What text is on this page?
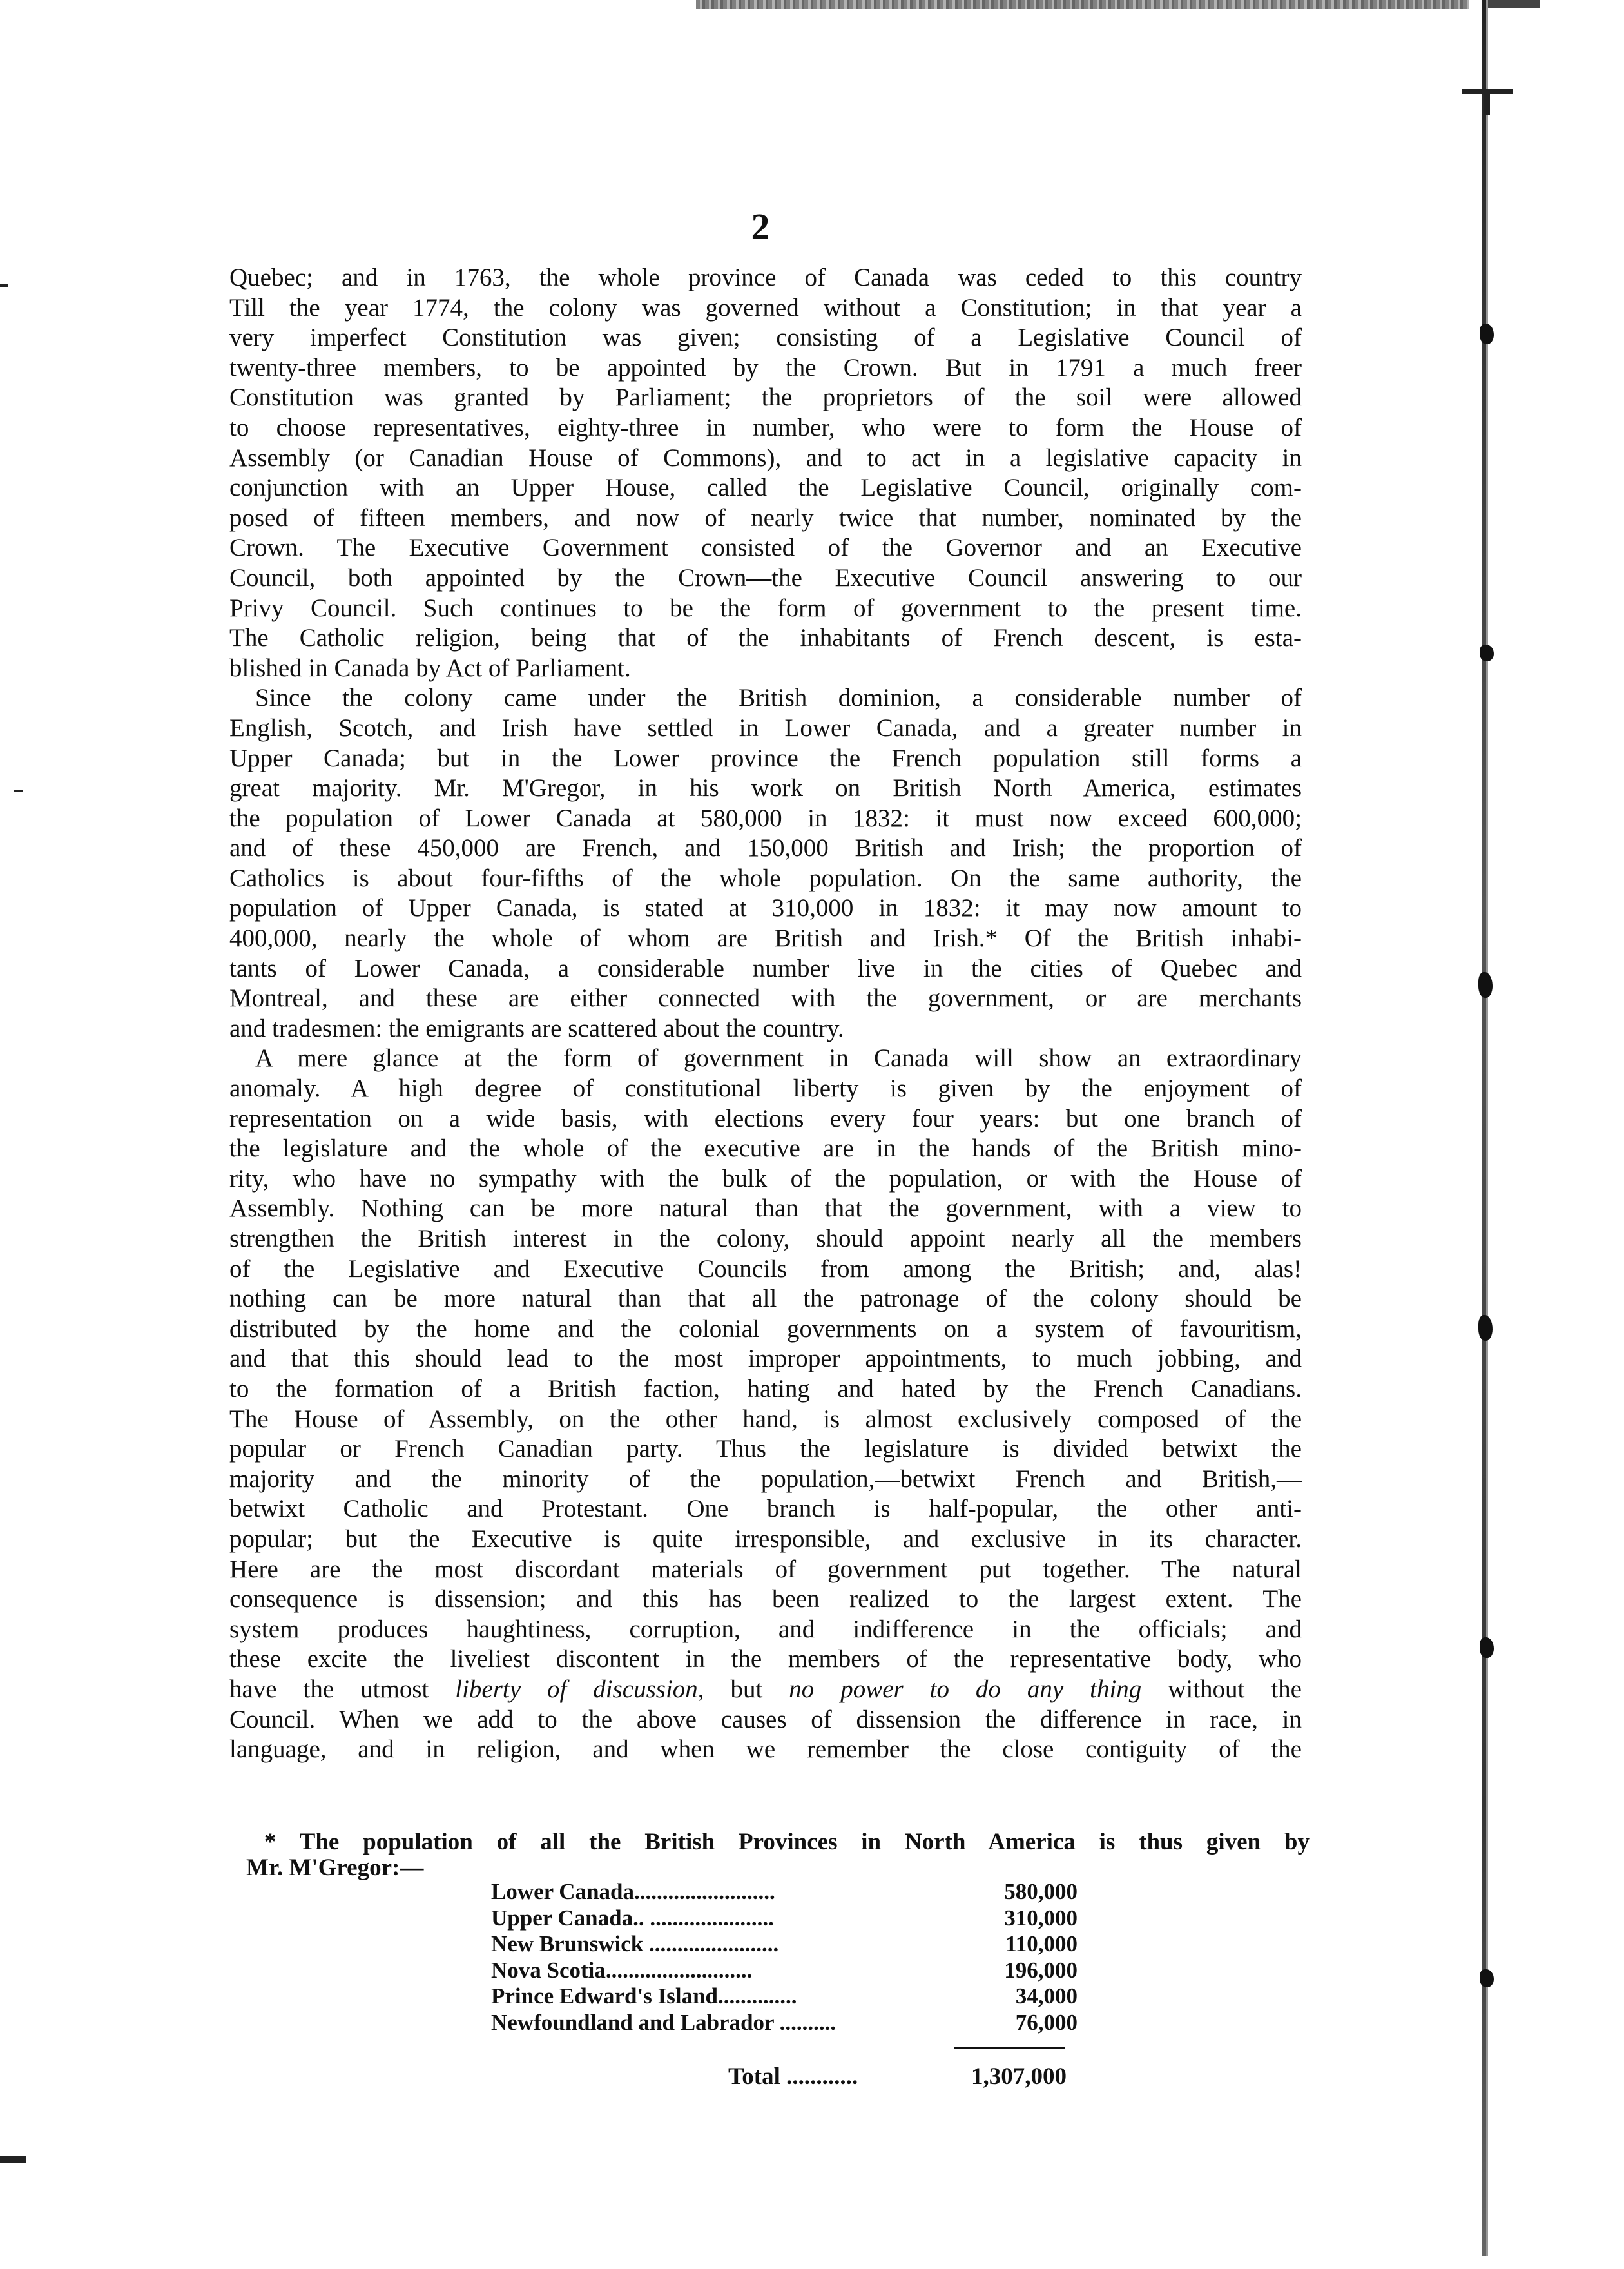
2
Quebec; and in 1763, the whole province of Canada was ceded to this country
Till the year 1774, the colony was governed without a Constitution; in that year a
very imperfect Constitution was given; consisting of a Legislative Council of
twenty-three members, to be appointed by the Crown. But in 1791 a much freer
Constitution was granted by Parliament; the proprietors of the soil were allowed
to choose representatives, eighty-three in number, who were to form the House of
Assembly (or Canadian House of Commons), and to act in a legislative capacity in
conjunction with an Upper House, called the Legislative Council, originally com-
posed of fifteen members, and now of nearly twice that number, nominated by the
Crown. The Executive Government consisted of the Governor and an Executive
Council, both appointed by the Crown—the Executive Council answering to our
Privy Council. Such continues to be the form of government to the present time.
The Catholic religion, being that of the inhabitants of French descent, is esta-
blished in Canada by Act of Parliament.
Since the colony came under the British dominion, a considerable number of
English, Scotch, and Irish have settled in Lower Canada, and a greater number in
Upper Canada; but in the Lower province the French population still forms a
great majority. Mr. M'Gregor, in his work on British North America, estimates
the population of Lower Canada at 580,000 in 1832: it must now exceed 600,000;
and of these 450,000 are French, and 150,000 British and Irish; the proportion of
Catholics is about four-fifths of the whole population. On the same authority, the
population of Upper Canada, is stated at 310,000 in 1832: it may now amount to
400,000, nearly the whole of whom are British and Irish.* Of the British inhabi-
tants of Lower Canada, a considerable number live in the cities of Quebec and
Montreal, and these are either connected with the government, or are merchants
and tradesmen: the emigrants are scattered about the country.
A mere glance at the form of government in Canada will show an extraordinary
anomaly. A high degree of constitutional liberty is given by the enjoyment of
representation on a wide basis, with elections every four years: but one branch of
the legislature and the whole of the executive are in the hands of the British mino-
rity, who have no sympathy with the bulk of the population, or with the House of
Assembly. Nothing can be more natural than that the government, with a view to
strengthen the British interest in the colony, should appoint nearly all the members
of the Legislative and Executive Councils from among the British; and, alas!
nothing can be more natural than that all the patronage of the colony should be
distributed by the home and the colonial governments on a system of favouritism,
and that this should lead to the most improper appointments, to much jobbing, and
to the formation of a British faction, hating and hated by the French Canadians.
The House of Assembly, on the other hand, is almost exclusively composed of the
popular or French Canadian party. Thus the legislature is divided betwixt the
majority and the minority of the population,—betwixt French and British,—
betwixt Catholic and Protestant. One branch is half-popular, the other anti-
popular; but the Executive is quite irresponsible, and exclusive in its character.
Here are the most discordant materials of government put together. The natural
consequence is dissension; and this has been realized to the largest extent. The
system produces haughtiness, corruption, and indifference in the officials; and
these excite the liveliest discontent in the members of the representative body, who
have the utmost liberty of discussion, but no power to do any thing without the
Council. When we add to the above causes of dissension the difference in race, in
language, and in religion, and when we remember the close contiguity of the
* The population of all the British Provinces in North America is thus given by
Mr. M'Gregor:—
Lower Canada.........................	580,000
Upper Canada.. ......................	310,000
New Brunswick .......................	110,000
Nova Scotia..........................	196,000
Prince Edward's Island..............	34,000
Newfoundland and Labrador ..........	76,000
Total ............	1,307,000
